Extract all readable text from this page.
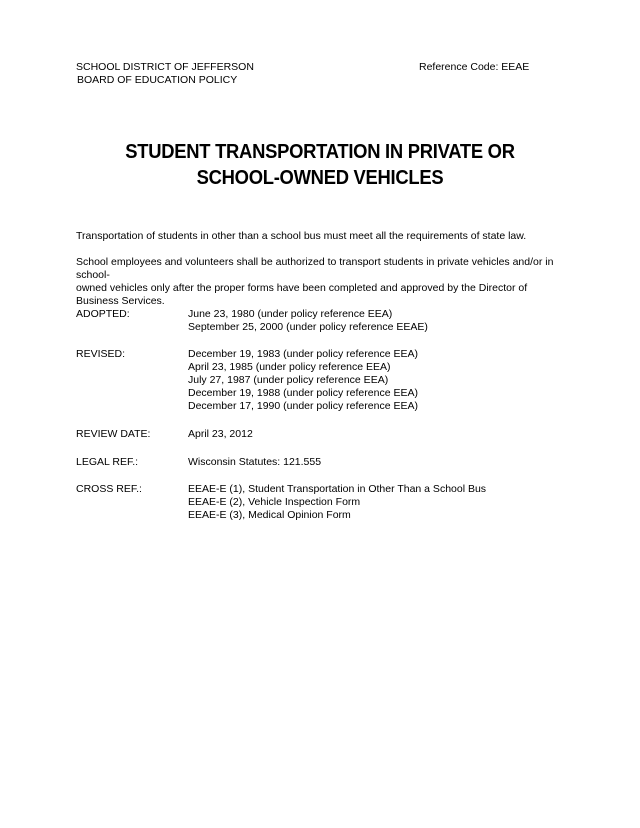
SCHOOL DISTRICT OF JEFFERSON
BOARD OF EDUCATION POLICY
Reference Code: EEAE
STUDENT TRANSPORTATION IN PRIVATE OR
SCHOOL-OWNED VEHICLES
Transportation of students in other than a school bus must meet all the requirements of state law.
School employees and volunteers shall be authorized to transport students in private vehicles and/or in school-
owned vehicles only after the proper forms have been completed and approved by the Director of Business Services.
ADOPTED:	June 23, 1980 (under policy reference EEA)
September 25, 2000 (under policy reference EEAE)
REVISED:	December 19, 1983 (under policy reference EEA)
April 23, 1985 (under policy reference EEA)
July 27, 1987 (under policy reference EEA)
December 19, 1988 (under policy reference EEA)
December 17, 1990 (under policy reference EEA)
REVIEW DATE:	April 23, 2012
LEGAL REF.:	Wisconsin Statutes: 121.555
CROSS REF.:	EEAE-E (1), Student Transportation in Other Than a School Bus
EEAE-E (2), Vehicle Inspection Form
EEAE-E (3), Medical Opinion Form
